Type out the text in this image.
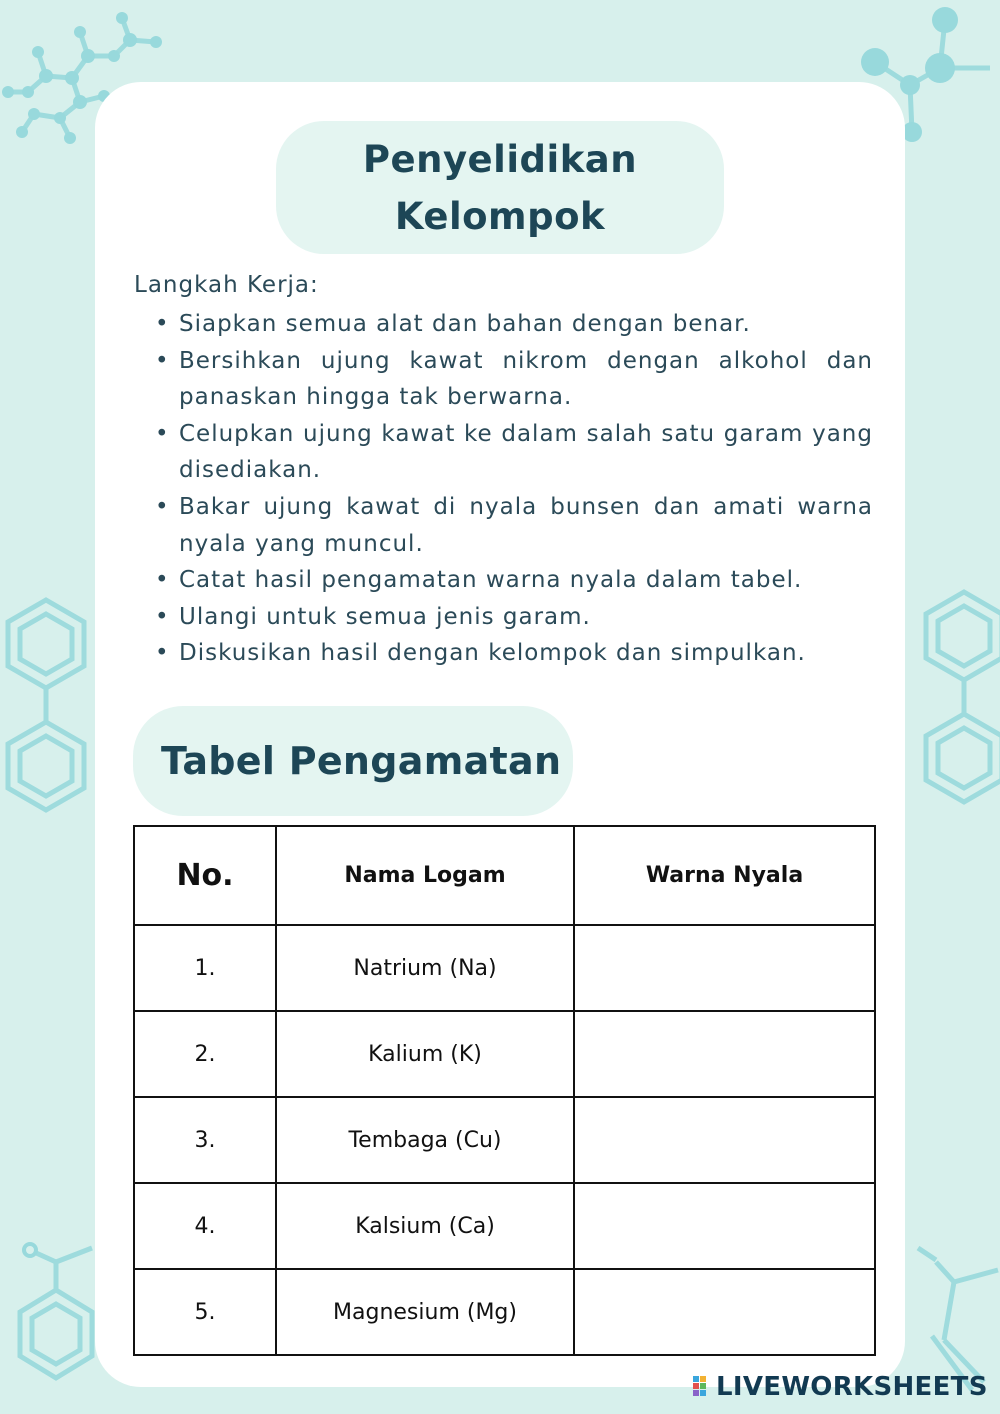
Penyelidikan Kelompok
Langkah Kerja:
• Siapkan semua alat dan bahan dengan benar.
• Bersihkan ujung kawat nikrom dengan alkohol dan panaskan hingga tak berwarna.
• Celupkan ujung kawat ke dalam salah satu garam yang disediakan.
• Bakar ujung kawat di nyala bunsen dan amati warna nyala yang muncul.
• Catat hasil pengamatan warna nyala dalam tabel.
• Ulangi untuk semua jenis garam.
• Diskusikan hasil dengan kelompok dan simpulkan.
Tabel Pengamatan
No.	Nama Logam	Warna Nyala
1.	Natrium (Na)	
2.	Kalium (K)	
3.	Tembaga (Cu)	
4.	Kalsium (Ca)	
5.	Magnesium (Mg)	
LIVEWORKSHEETS
